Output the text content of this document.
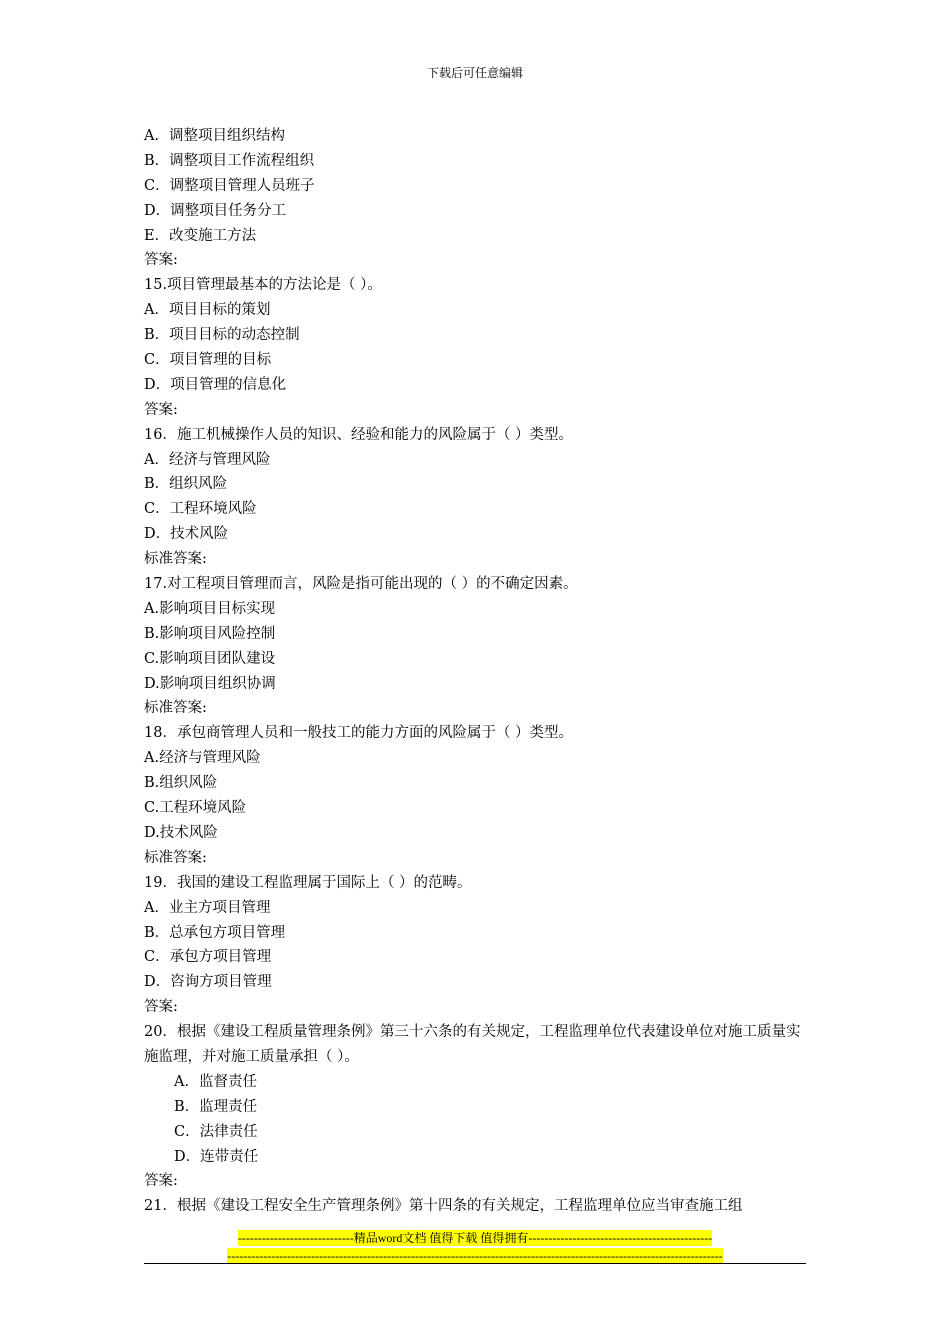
下载后可任意编辑
A．调整项目组织结构
B．调整项目工作流程组织
C．调整项目管理人员班子
D．调整项目任务分工
E．改变施工方法
答案:
15.项目管理最基本的方法论是（ ）。
A．项目目标的策划
B．项目目标的动态控制
C．项目管理的目标
D．项目管理的信息化
答案:
16．施工机械操作人员的知识、经验和能力的风险属于（ ）类型。
A．经济与管理风险
B．组织风险
C．工程环境风险
D．技术风险
标准答案:
17.对工程项目管理而言，风险是指可能出现的（ ）的不确定因素。
A.影响项目目标实现
B.影响项目风险控制
C.影响项目团队建设
D.影响项目组织协调
标准答案:
18．承包商管理人员和一般技工的能力方面的风险属于（ ）类型。
A.经济与管理风险
B.组织风险
C.工程环境风险
D.技术风险
标准答案:
19．我国的建设工程监理属于国际上（ ）的范畴。
A．业主方项目管理
B．总承包方项目管理
C．承包方项目管理
D．咨询方项目管理
答案:
20．根据《建设工程质量管理条例》第三十六条的有关规定，工程监理单位代表建设单位对施工质量实施监理，并对施工质量承担（ ）。
A．监督责任
B．监理责任
C．法律责任
D．连带责任
答案:
21．根据《建设工程安全生产管理条例》第十四条的有关规定，工程监理单位应当审查施工组
-----------------------------精品word文档 值得下载 值得拥有----------------------------------------------
----------------------------------------------------------------------------------------------------------------------------
